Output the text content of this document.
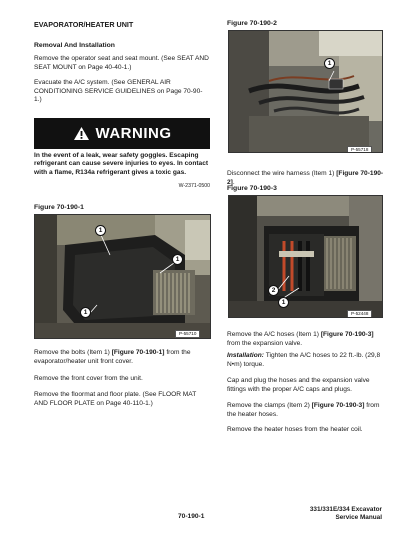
EVAPORATOR/HEATER UNIT
Removal And Installation
Remove the operator seat and seat mount. (See SEAT AND SEAT MOUNT on Page 40-40-1.)
Evacuate the A/C system. (See GENERAL AIR CONDITIONING SERVICE GUIDELINES on Page 70-90-1.)
WARNING
In the event of a leak, wear safety goggles. Escaping refrigerant can cause severe injuries to eyes. In contact with a flame, R134a refrigerant gives a toxic gas.
W-2371-0500
Figure 70-190-1
1
1
1
P-55710
Remove the bolts (Item 1) [Figure 70-190-1] from the evaporator/heater unit front cover.
Remove the front cover from the unit.
Remove the floormat and floor plate. (See FLOOR MAT AND FLOOR PLATE on Page 40-110-1.)
Figure 70-190-2
1
P-55718
Disconnect the wire harness (Item 1) [Figure 70-190-2].
Figure 70-190-3
2
1
P-52448
Remove the A/C hoses (Item 1) [Figure 70-190-3] from the expansion valve.
Installation: Tighten the A/C hoses to 22 ft.-lb. (29,8 N•m) torque.
Cap and plug the hoses and the expansion valve fittings with the proper A/C caps and plugs.
Remove the clamps (Item 2) [Figure 70-190-3] from the heater hoses.
Remove the heater hoses from the heater coil.
70-190-1
331/331E/334 Excavator
Service Manual
